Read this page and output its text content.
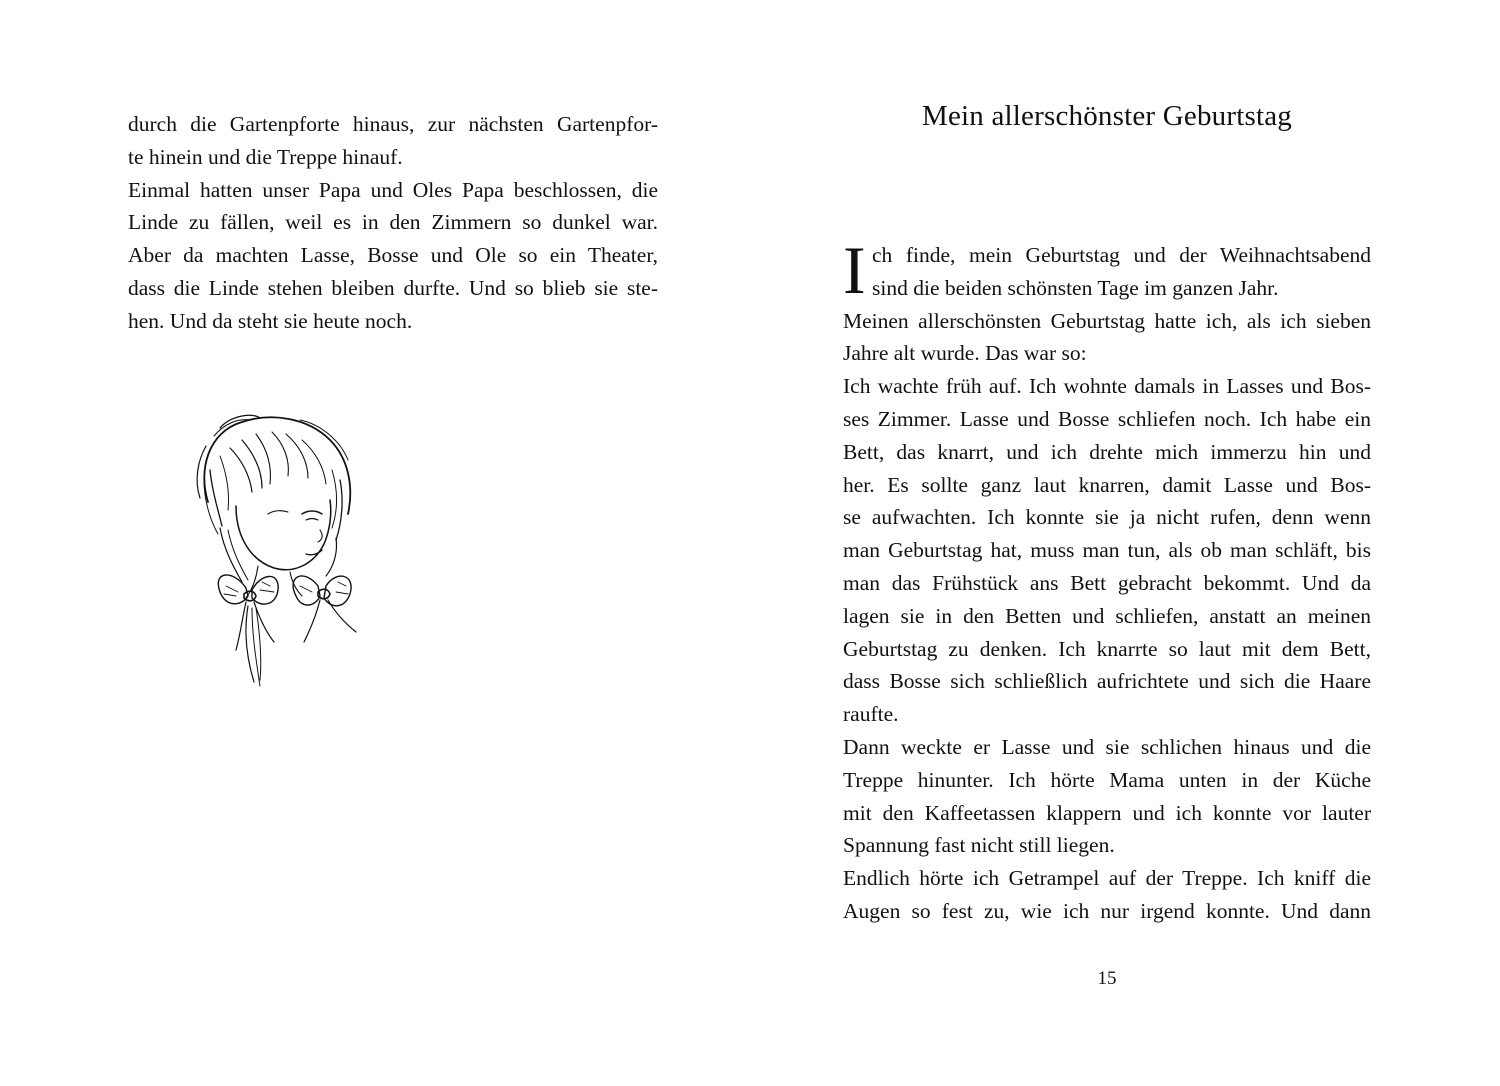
durch die Gartenpforte hinaus, zur nächsten Gartenpfor-
te hinein und die Treppe hinauf.
Einmal hatten unser Papa und Oles Papa beschlossen, die
Linde zu fällen, weil es in den Zimmern so dunkel war.
Aber da machten Lasse, Bosse und Ole so ein Theater,
dass die Linde stehen bleiben durfte. Und so blieb sie ste-
hen. Und da steht sie heute noch.
Mein allerschönster Geburtstag
I ch finde, mein Geburtstag und der Weihnachtsabend
sind die beiden schönsten Tage im ganzen Jahr.
Meinen allerschönsten Geburtstag hatte ich, als ich sieben
Jahre alt wurde. Das war so:
Ich wachte früh auf. Ich wohnte damals in Lasses und Bos-
ses Zimmer. Lasse und Bosse schliefen noch. Ich habe ein
Bett, das knarrt, und ich drehte mich immerzu hin und
her. Es sollte ganz laut knarren, damit Lasse und Bos-
se aufwachten. Ich konnte sie ja nicht rufen, denn wenn
man Geburtstag hat, muss man tun, als ob man schläft, bis
man das Frühstück ans Bett gebracht bekommt. Und da
lagen sie in den Betten und schliefen, anstatt an meinen
Geburtstag zu denken. Ich knarrte so laut mit dem Bett,
dass Bosse sich schließlich aufrichtete und sich die Haare
raufte.
Dann weckte er Lasse und sie schlichen hinaus und die
Treppe hinunter. Ich hörte Mama unten in der Küche
mit den Kaffeetassen klappern und ich konnte vor lauter
Spannung fast nicht still liegen.
Endlich hörte ich Getrampel auf der Treppe. Ich kniff die
Augen so fest zu, wie ich nur irgend konnte. Und dann
15
